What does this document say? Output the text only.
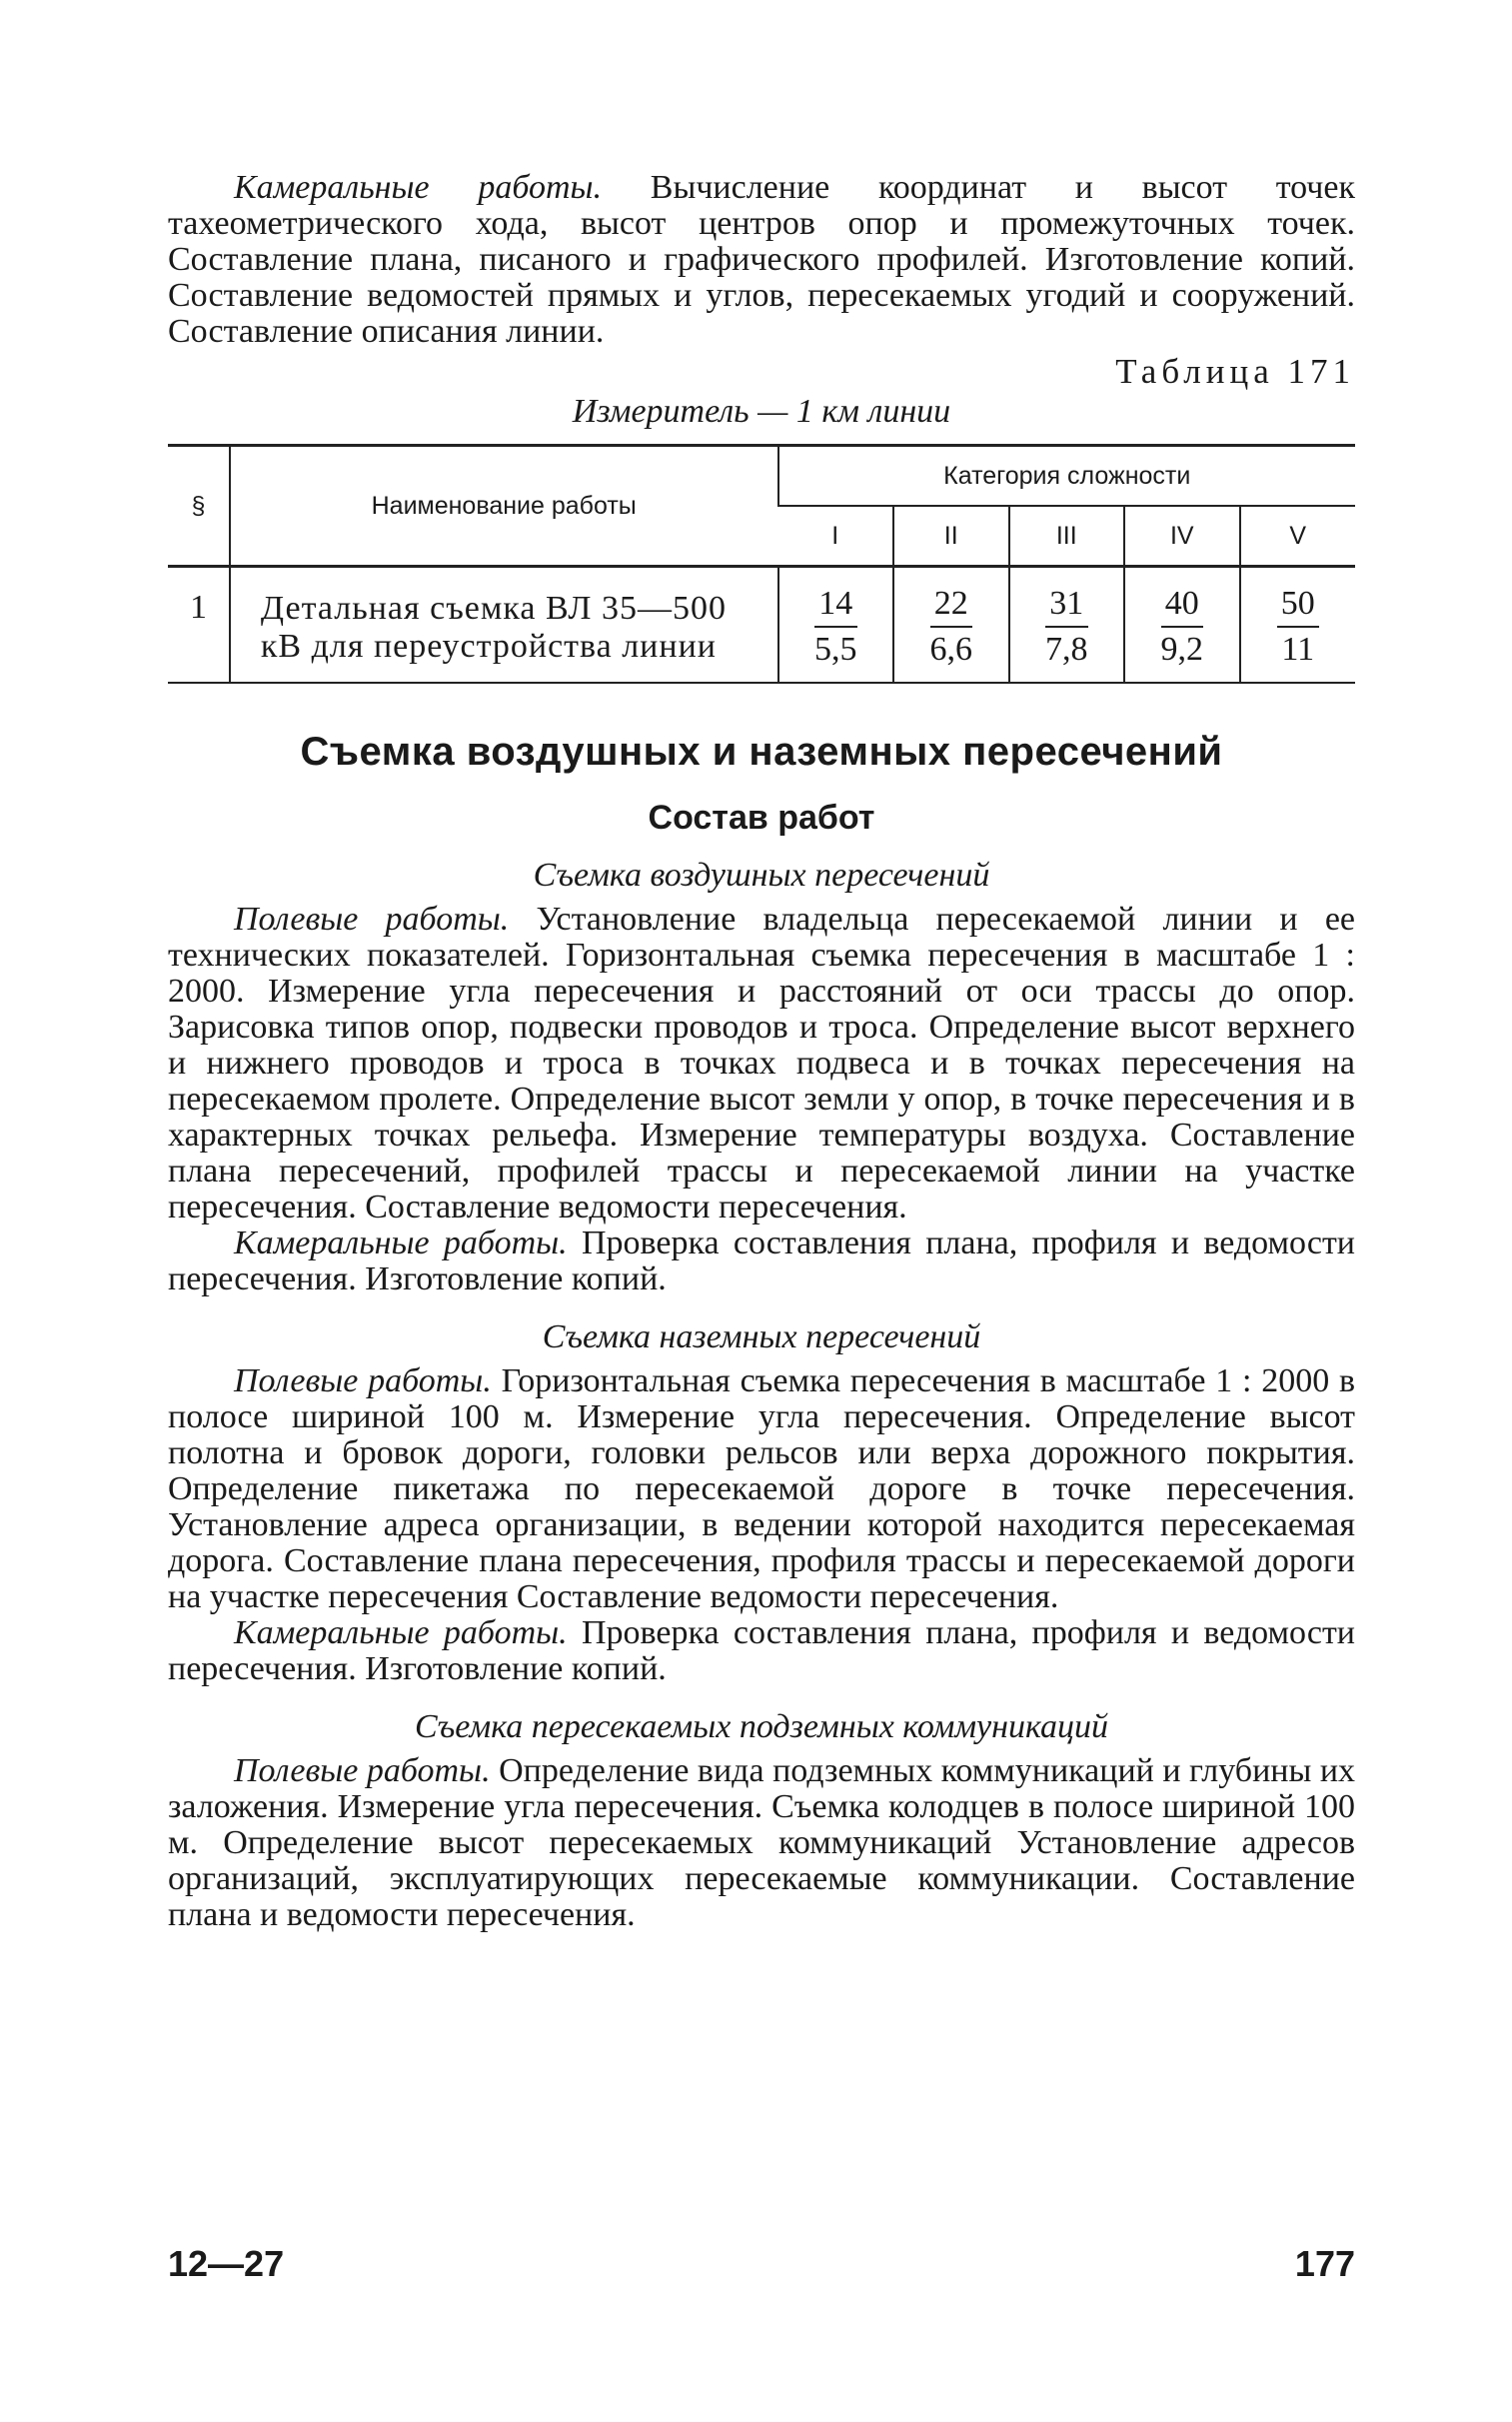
Камеральные работы. Вычисление координат и высот точек тахеометрического хода, высот центров опор и промежуточных точек. Составление плана, писаного и графического профилей. Изготовление копий. Составление ведомостей прямых и углов, пересекаемых угодий и сооружений. Составление описания линии.

Таблица 171
Измеритель — 1 км линии
§	Наименование работы	Категория сложности				
		I	II	III	IV	V
1	Детальная съемка ВЛ 35—500 кВ для переустройства линии	$\frac{14}{5,5}$	$\frac{22}{6,6}$	$\frac{31}{7,8}$	$\frac{40}{9,2}$	$\frac{50}{11}$
Съемка воздушных и наземных пересечений
Состав работ
Съемка воздушных пересечений

Полевые работы. Установление владельца пересекаемой линии и ее технических показателей. Горизонтальная съемка пересечения в масштабе 1 : 2000. Измерение угла пересечения и расстояний от оси трассы до опор. Зарисовка типов опор, подвески проводов и троса. Определение высот верхнего и нижнего проводов и троса в точках подвеса и в точках пересечения на пересекаемом пролете. Определение высот земли у опор, в точке пересечения и в характерных точках рельефа. Измерение температуры воздуха. Составление плана пересечений, профилей трассы и пересекаемой линии на участке пересечения. Составление ведомости пересечения.

Камеральные работы. Проверка составления плана, профиля и ведомости пересечения. Изготовление копий.

Съемка наземных пересечений

Полевые работы. Горизонтальная съемка пересечения в масштабе 1 : 2000 в полосе шириной 100 м. Измерение угла пересечения. Определение высот полотна и бровок дороги, головки рельсов или верха дорожного покрытия. Определение пикетажа по пересекаемой дороге в точке пересечения. Установление адреса организации, в ведении которой находится пересекаемая дорога. Составление плана пересечения, профиля трассы и пересекаемой дороги на участке пересечения Составление ведомости пересечения.

Камеральные работы. Проверка составления плана, профиля и ведомости пересечения. Изготовление копий.

Съемка пересекаемых подземных коммуникаций

Полевые работы. Определение вида подземных коммуникаций и глубины их заложения. Измерение угла пересечения. Съемка колодцев в полосе шириной 100 м. Определение высот пересекаемых коммуникаций Установление адресов организаций, эксплуатирующих пересекаемые коммуникации. Составление плана и ведомости пересечения.

12—27	177
